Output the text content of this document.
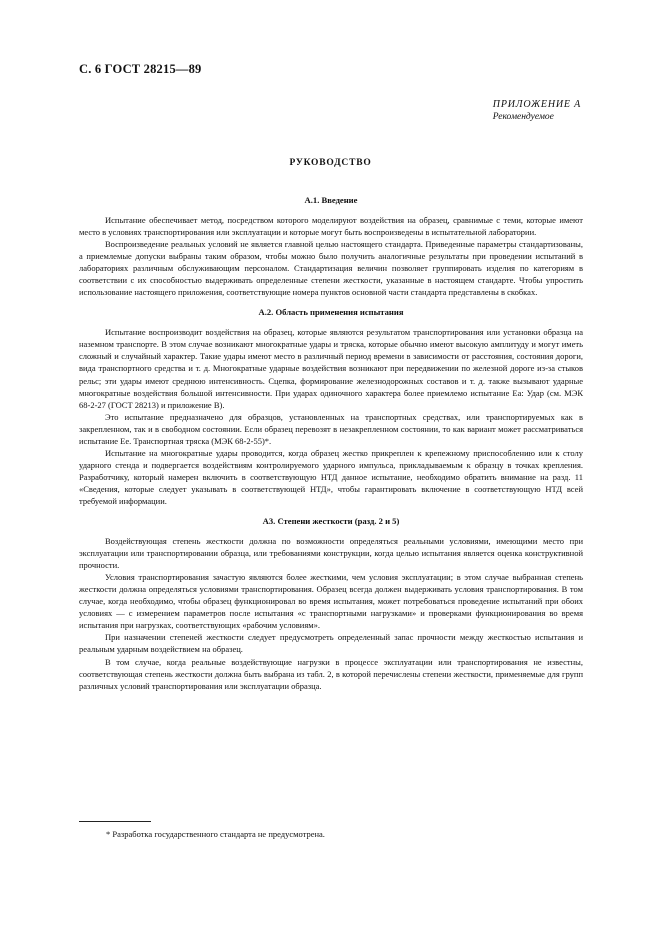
С. 6 ГОСТ 28215—89
ПРИЛОЖЕНИЕ А
Рекомендуемое
РУКОВОДСТВО
А.1. Введение

Испытание обеспечивает метод, посредством которого моделируют воздействия на образец, сравнимые с теми, которые имеют место в условиях транспортирования или эксплуатации и которые могут быть воспроизведены в испытательной лаборатории.

Воспроизведение реальных условий не является главной целью настоящего стандарта. Приведенные параметры стандартизованы, а приемлемые допуски выбраны таким образом, чтобы можно было получить аналогичные результаты при проведении испытаний в лабораториях различным обслуживающим персоналом. Стандартизация величин позволяет группировать изделия по категориям в соответствии с их способностью выдерживать определенные степени жесткости, указанные в настоящем стандарте. Чтобы упростить использование настоящего приложения, соответствующие номера пунктов основной части стандарта представлены в скобках.

А.2. Область применения испытания

Испытание воспроизводит воздействия на образец, которые являются результатом транспортирования или установки образца на наземном транспорте. В этом случае возникают многократные удары и тряска, которые обычно имеют высокую амплитуду и могут иметь сложный и случайный характер. Такие удары имеют место в различный период времени в зависимости от расстояния, состояния дороги, вида транспортного средства и т. д. Многократные ударные воздействия возникают при передвижении по железной дороге из-за стыков рельс; эти удары имеют среднюю интенсивность. Сцепка, формирование железнодорожных составов и т. д. также вызывают ударные многократные воздействия большой интенсивности. При ударах одиночного характера более приемлемо испытание Еа: Удар (см. МЭК 68-2-27 (ГОСТ 28213) и приложение В).

Это испытание предназначено для образцов, установленных на транспортных средствах, или транспортируемых как в закрепленном, так и в свободном состоянии. Если образец перевозят в незакрепленном состоянии, то как вариант может рассматриваться испытание Ее. Транспортная тряска (МЭК 68-2-55)*.

Испытание на многократные удары проводится, когда образец жестко прикреплен к крепежному приспособлению или к столу ударного стенда и подвергается воздействиям контролируемого ударного импульса, прикладываемым к образцу в точках крепления. Разработчику, который намерен включить в соответствующую НТД данное испытание, необходимо обратить внимание на разд. 11 «Сведения, которые следует указывать в соответствующей НТД», чтобы гарантировать включение в соответствующую НТД всей требуемой информации.

А3. Степени жесткости (разд. 2 и 5)

Воздействующая степень жесткости должна по возможности определяться реальными условиями, имеющими место при эксплуатации или транспортировании образца, или требованиями конструкции, когда целью испытания является оценка конструктивной прочности.

Условия транспортирования зачастую являются более жесткими, чем условия эксплуатации; в этом случае выбранная степень жесткости должна определяться условиями транспортирования. Образец всегда должен выдерживать условия транспортирования. В том случае, когда необходимо, чтобы образец функционировал во время испытания, может потребоваться проведение испытаний при обоих условиях — с измерением параметров после испытания «с транспортными нагрузками» и проверками функционирования во время испытания при нагрузках, соответствующих «рабочим условиям».

При назначении степеней жесткости следует предусмотреть определенный запас прочности между жесткостью испытания и реальным ударным воздействием на образец.

В том случае, когда реальные воздействующие нагрузки в процессе эксплуатации или транспортирования не известны, соответствующая степень жесткости должна быть выбрана из табл. 2, в которой перечислены степени жесткости, применяемые для групп различных условий транспортирования или эксплуатации образца.

* Разработка государственного стандарта не предусмотрена.
